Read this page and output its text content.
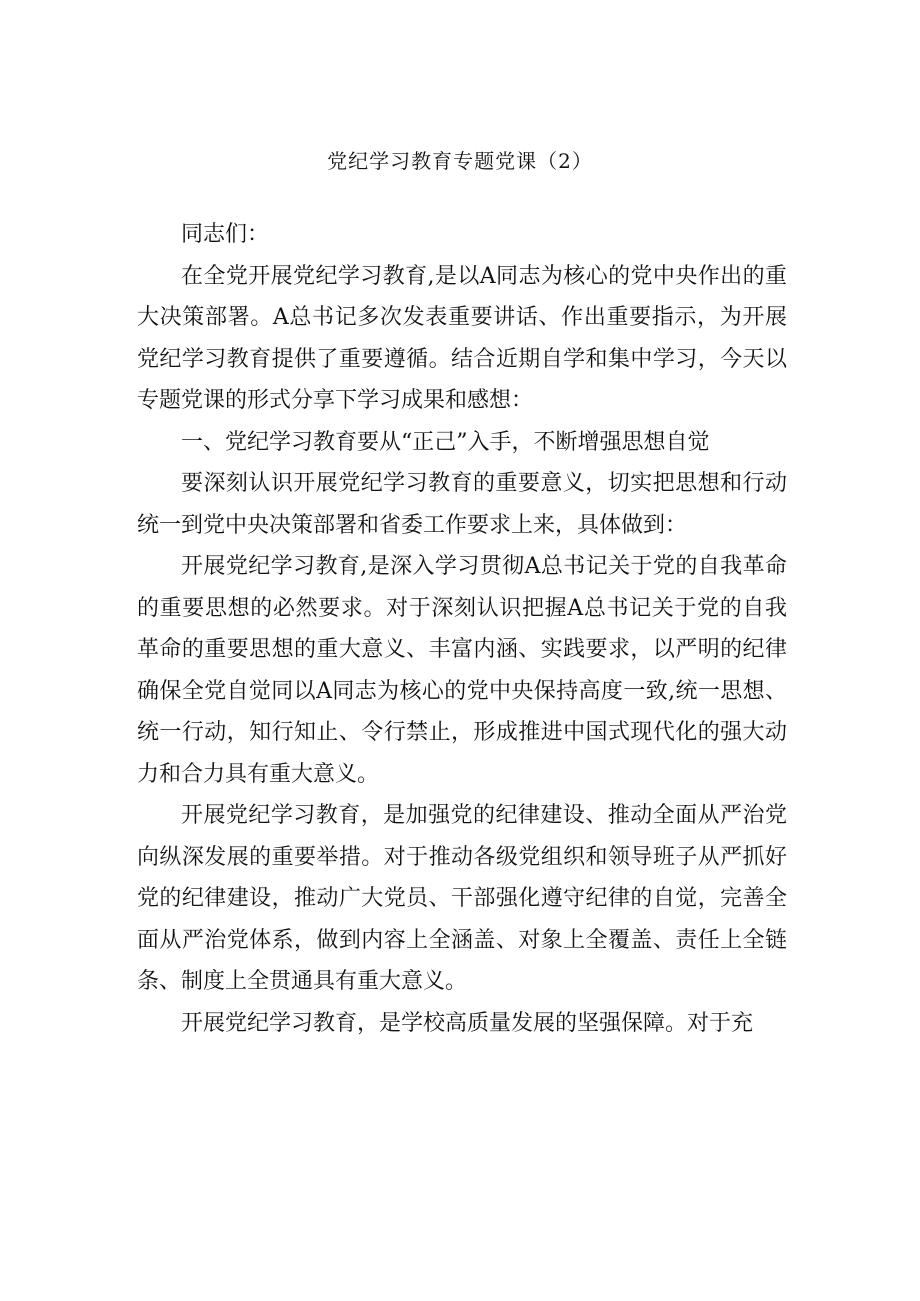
党纪学习教育专题党课（2）

同志们：

在全党开展党纪学习教育,是以A同志为核心的党中央作出的重大决策部署。A总书记多次发表重要讲话、作出重要指示，为开展党纪学习教育提供了重要遵循。结合近期自学和集中学习，今天以专题党课的形式分享下学习成果和感想：

一、党纪学习教育要从“正己”入手，不断增强思想自觉

要深刻认识开展党纪学习教育的重要意义，切实把思想和行动统一到党中央决策部署和省委工作要求上来，具体做到：

开展党纪学习教育,是深入学习贯彻A总书记关于党的自我革命的重要思想的必然要求。对于深刻认识把握A总书记关于党的自我革命的重要思想的重大意义、丰富内涵、实践要求，以严明的纪律确保全党自觉同以A同志为核心的党中央保持高度一致,统一思想、统一行动，知行知止、令行禁止，形成推进中国式现代化的强大动力和合力具有重大意义。

开展党纪学习教育，是加强党的纪律建设、推动全面从严治党向纵深发展的重要举措。对于推动各级党组织和领导班子从严抓好党的纪律建设，推动广大党员、干部强化遵守纪律的自觉，完善全面从严治党体系，做到内容上全涵盖、对象上全覆盖、责任上全链条、制度上全贯通具有重大意义。

开展党纪学习教育，是学校高质量发展的坚强保障。对于充
